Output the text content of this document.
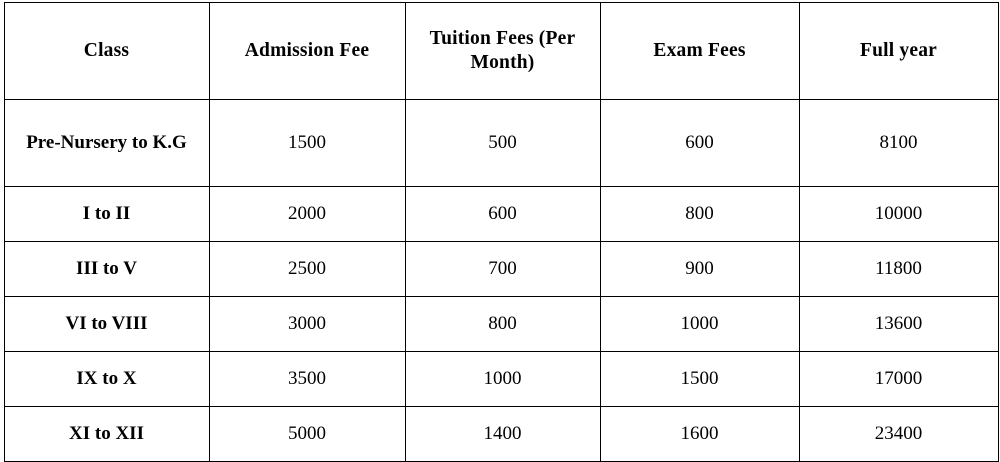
Class	Admission Fee	Tuition Fees (Per Month)	Exam Fees	Full year
Pre-Nursery to K.G	1500	500	600	8100
I to II	2000	600	800	10000
III to V	2500	700	900	11800
VI to VIII	3000	800	1000	13600
IX to X	3500	1000	1500	17000
XI to XII	5000	1400	1600	23400
